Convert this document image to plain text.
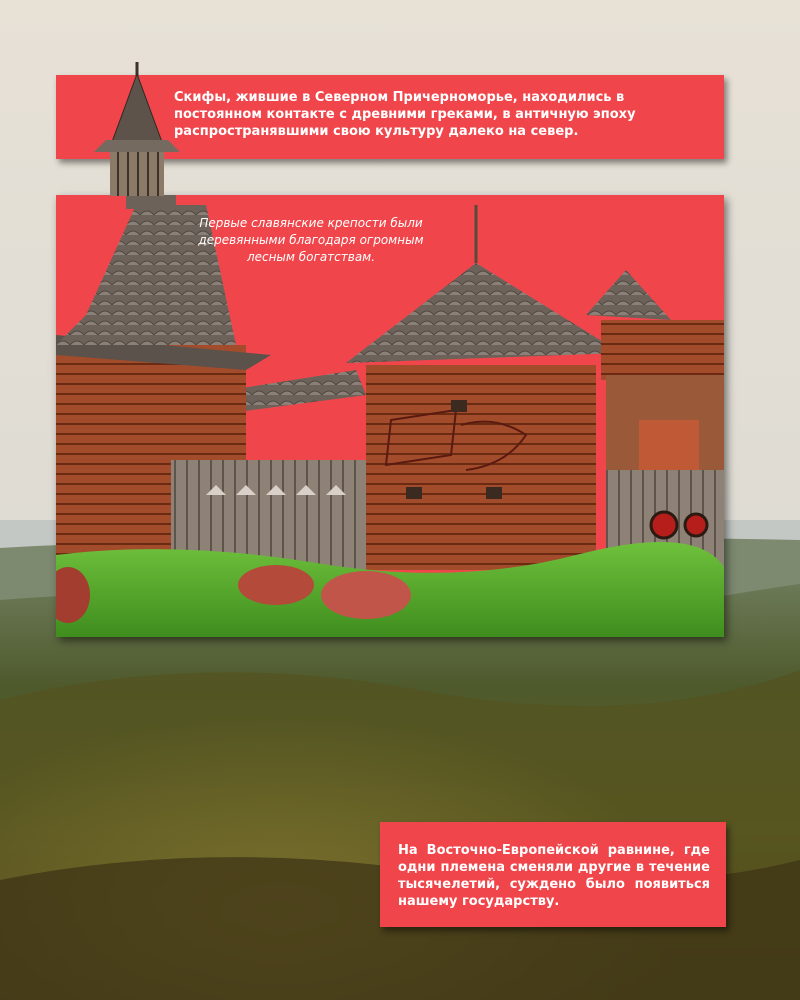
Скифы, жившие в Северном Причерноморье, находились в постоянном контакте с древними греками, в античную эпоху распространявшими свою культуру далеко на север.
Первые славянские крепости были деревянными благодаря огромным лесным богатствам.
На Восточно-Европейской равнине, где одни племена сменяли другие в течение тысячелетий, суждено было появиться нашему государству.
